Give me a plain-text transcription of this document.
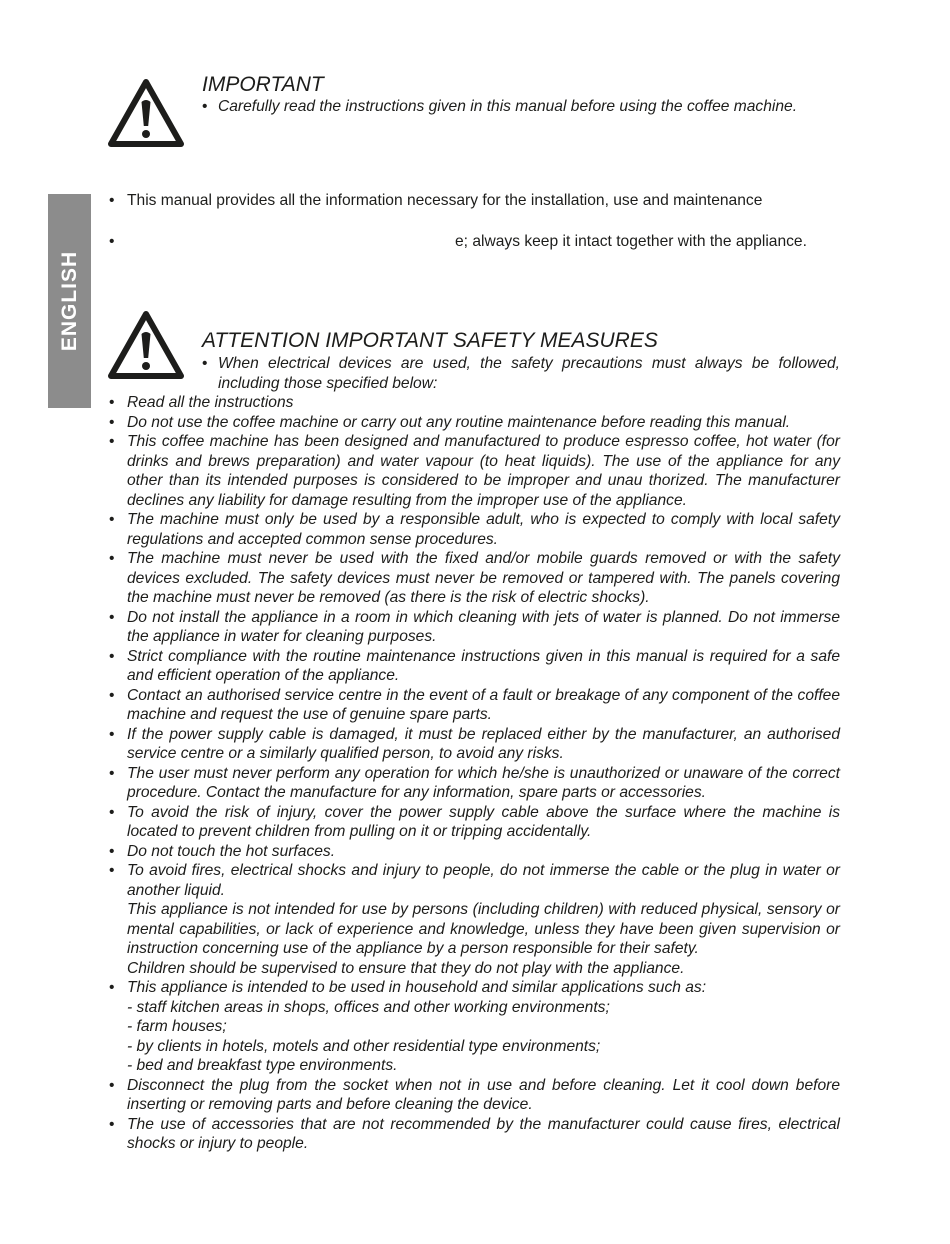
ENGLISH
IMPORTANT
• Carefully read the instructions given in this manual before using the coffee machine.
• This manual provides all the information necessary for the installation, use and maintenance
•	e; always keep it intact together with the appliance.
ATTENTION IMPORTANT SAFETY MEASURES
• When electrical devices are used, the safety precautions must always be followed, including those specified below:
• Read all the instructions
• Do not use the coffee machine or carry out any routine maintenance before reading this manual.
• This coffee machine has been designed and manufactured to produce espresso coffee, hot water (for drinks and brews preparation) and water vapour (to heat liquids). The use of the appliance for any other than its intended purposes is considered to be improper and unau thorized. The manufacturer declines any liability for damage resulting from the improper use of the appliance.
• The machine must only be used by a responsible adult, who is expected to comply with local safety regulations and accepted common sense procedures.
• The machine must never be used with the fixed and/or mobile guards removed or with the safety devices excluded. The safety devices must never be removed or tampered with. The panels covering the machine must never be removed (as there is the risk of electric shocks).
• Do not install the appliance in a room in which cleaning with jets of water is planned. Do not immerse the appliance in water for cleaning purposes.
• Strict compliance with the routine maintenance instructions given in this manual is required for a safe and efficient operation of the appliance.
• Contact an authorised service centre in the event of a fault or breakage of any component of the coffee machine and request the use of genuine spare parts.
• If the power supply cable is damaged, it must be replaced either by the manufacturer, an authorised service centre or a similarly qualified person, to avoid any risks.
• The user must never perform any operation for which he/she is unauthorized or unaware of the correct procedure. Contact the manufacture for any information, spare parts or accessories.
• To avoid the risk of injury, cover the power supply cable above the surface where the machine is located to prevent children from pulling on it or tripping accidentally.
• Do not touch the hot surfaces.
• To avoid fires, electrical shocks and injury to people, do not immerse the cable or the plug in water or another liquid.
This appliance is not intended for use by persons (including children) with reduced physical, sensory or mental capabilities, or lack of experience and knowledge, unless they have been given supervision or instruction concerning use of the appliance by a person responsible for their safety.
Children should be supervised to ensure that they do not play with the appliance.
• This appliance is intended to be used in household and similar applications such as:
- staff kitchen areas in shops, offices and other working environments;
- farm houses;
- by clients in hotels, motels and other residential type environments;
- bed and breakfast type environments.
• Disconnect the plug from the socket when not in use and before cleaning. Let it cool down before inserting or removing parts and before cleaning the device.
• The use of accessories that are not recommended by the manufacturer could cause fires, electrical shocks or injury to people.
